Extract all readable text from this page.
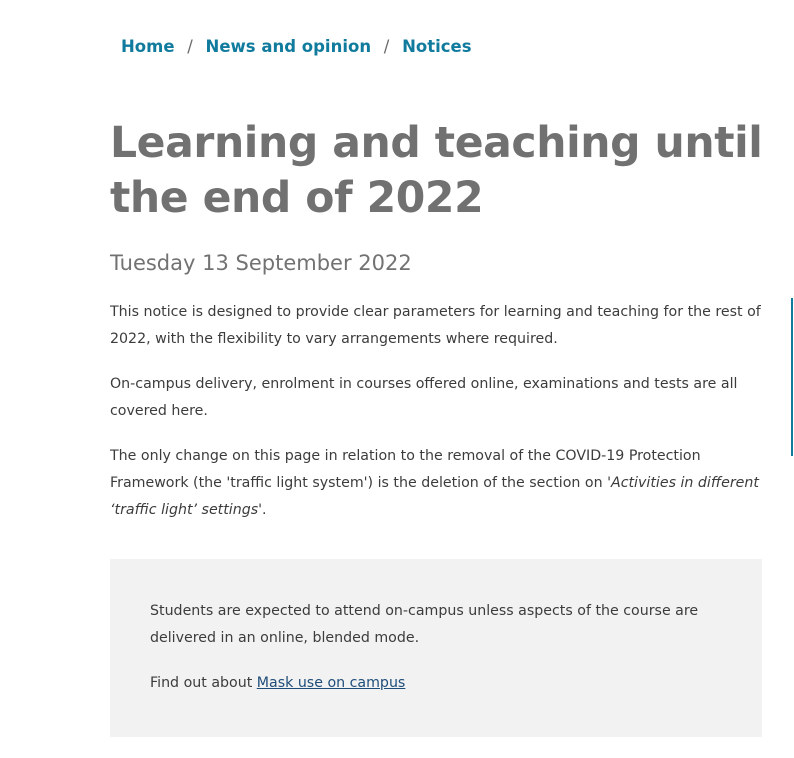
Home / News and opinion / Notices
Learning and teaching until the end of 2022
Tuesday 13 September 2022

This notice is designed to provide clear parameters for learning and teaching for the rest of 2022, with the flexibility to vary arrangements where required.

On-campus delivery, enrolment in courses offered online, examinations and tests are all covered here.

The only change on this page in relation to the removal of the COVID-19 Protection Framework (the 'traffic light system') is the deletion of the section on 'Activities in different ‘traffic light’ settings'.

Students are expected to attend on-campus unless aspects of the course are delivered in an online, blended mode.

Find out about Mask use on campus
